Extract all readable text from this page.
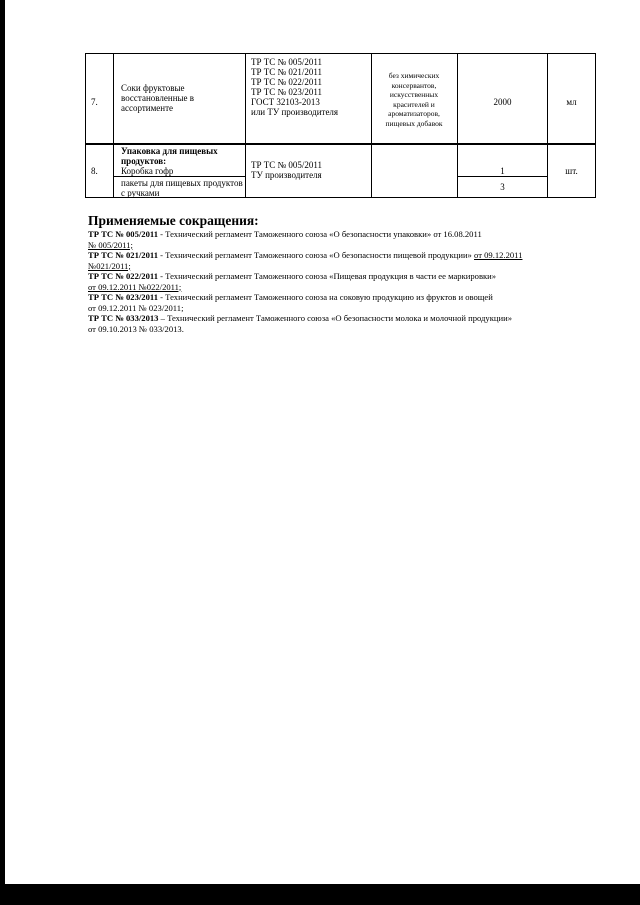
7.
Соки фруктовые восстановленные в ассортименте
ТР ТС № 005/2011
ТР ТС № 021/2011
ТР ТС № 022/2011
ТР ТС № 023/2011
ГОСТ 32103-2013
или ТУ производителя
без химических консервантов, искусственных красителей и ароматизаторов, пищевых добавок
2000	мл
8.
Упаковка для пищевых продуктов:
Коробка гофр
пакеты для пищевых продуктов с ручками
ТР ТС № 005/2011
ТУ производителя	1
3
шт.
Применяемые сокращения:
ТР ТС № 005/2011 - Технический регламент Таможенного союза «О безопасности упаковки» от 16.08.2011
№ 005/2011;
ТР ТС № 021/2011 - Технический регламент Таможенного союза «О безопасности пищевой продукции» от 09.12.2011
№021/2011;
ТР ТС № 022/2011 - Технический регламент Таможенного союза «Пищевая продукция в части ее маркировки»
от 09.12.2011 №022/2011;
ТР ТС № 023/2011 - Технический регламент Таможенного союза на соковую продукцию из фруктов и овощей
от 09.12.2011 № 023/2011;
ТР ТС № 033/2013 – Технический регламент Таможенного союза «О безопасности молока и молочной продукции»
от 09.10.2013 № 033/2013.
